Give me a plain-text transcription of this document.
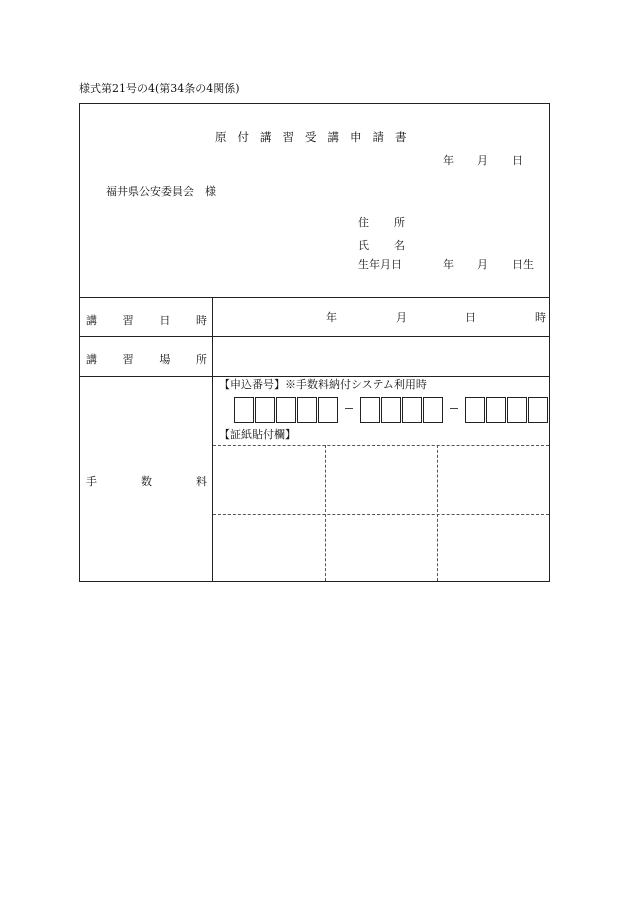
様式第21号の4(第34条の4関係)
原付講習受講申請書
年 月 日
福井県公安委員会　様
住 所
氏 名
生年月日	年 月 日生
講 習 日 時	年	月	日	時
講 習 場 所
手	数	料
【申込番号】※手数料納付システム利用時
【証紙貼付欄】
